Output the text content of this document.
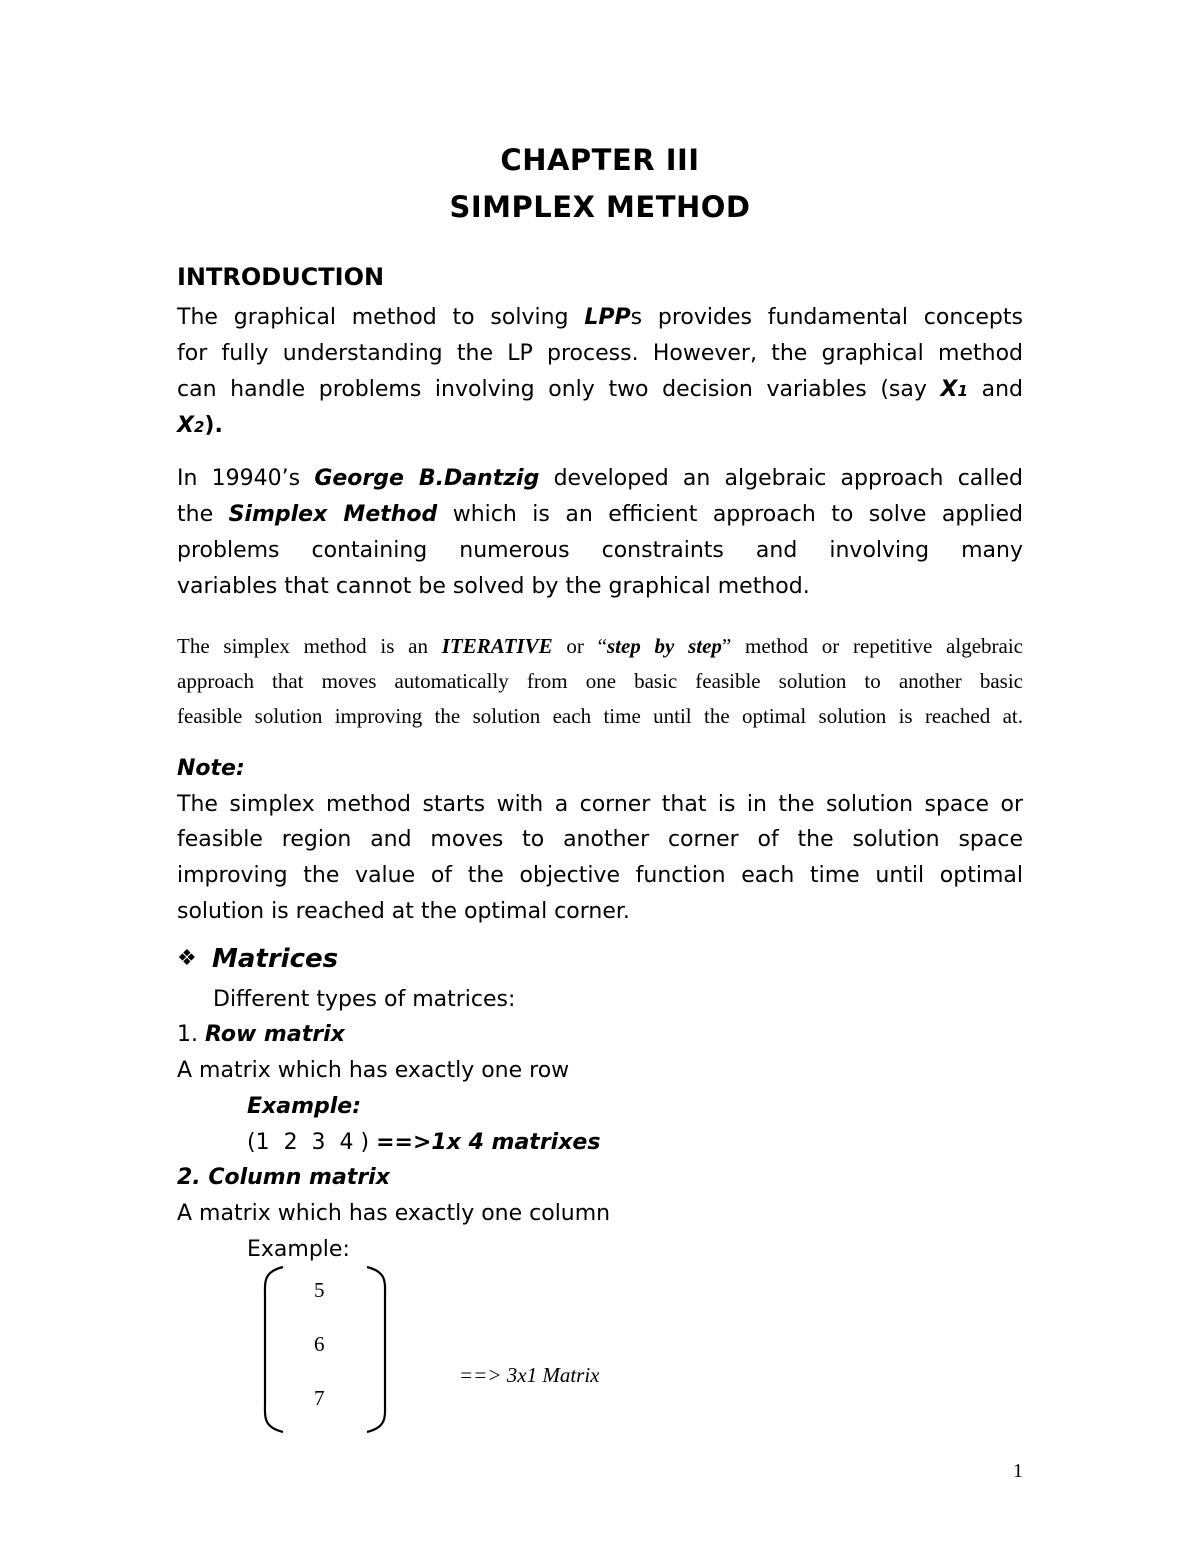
CHAPTER III
SIMPLEX METHOD
INTRODUCTION
The graphical method to solving LPPs provides fundamental concepts
for fully understanding the LP process. However, the graphical method
can handle problems involving only two decision variables (say X1 and
X2).
In 19940’s George B.Dantzig developed an algebraic approach called
the Simplex Method which is an efficient approach to solve applied
problems containing numerous constraints and involving many
variables that cannot be solved by the graphical method.
The simplex method is an ITERATIVE or “step by step” method or repetitive algebraic
approach that moves automatically from one basic feasible solution to another basic
feasible solution improving the solution each time until the optimal solution is reached at.
Note:
The simplex method starts with a corner that is in the solution space or
feasible region and moves to another corner of the solution space
improving the value of the objective function each time until optimal
solution is reached at the optimal corner.
❖ Matrices
Different types of matrices:
1. Row matrix
A matrix which has exactly one row
Example:
(1  2  3  4 ) ==>1x 4 matrixes
2. Column matrix
A matrix which has exactly one column
Example:
5
6
7
==> 3x1 Matrix
1
